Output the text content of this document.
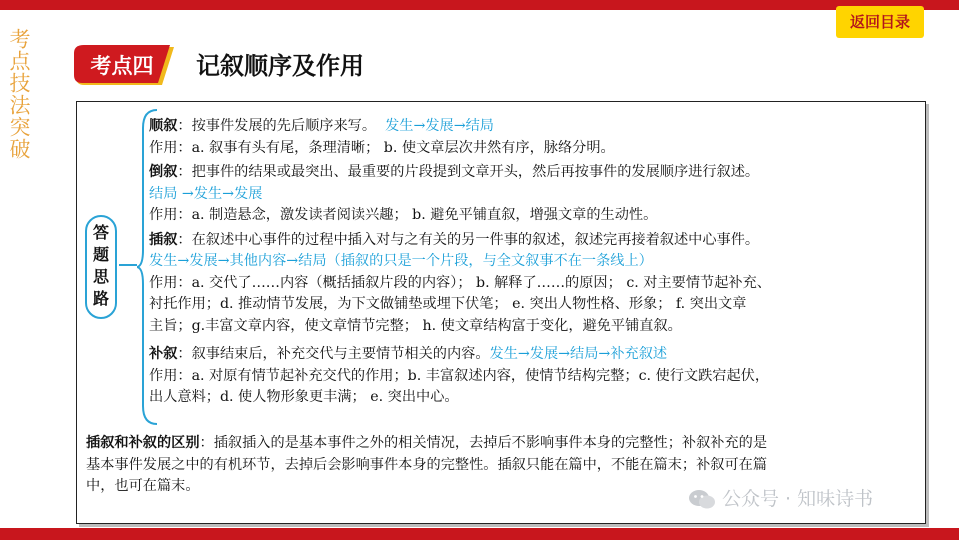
考点技法突破
返回目录
考点四	记叙顺序及作用
答
题
思
路
顺叙：按事件发展的先后顺序来写。 发生→发展→结局
作用：a. 叙事有头有尾，条理清晰； b. 使文章层次井然有序，脉络分明。
倒叙：把事件的结果或最突出、最重要的片段提到文章开头，然后再按事件的发展顺序进行叙述。
结局 →发生→发展
作用：a. 制造悬念，激发读者阅读兴趣； b. 避免平铺直叙，增强文章的生动性。
插叙：在叙述中心事件的过程中插入对与之有关的另一件事的叙述，叙述完再接着叙述中心事件。
发生→发展→其他内容→结局（插叙的只是一个片段，与全文叙事不在一条线上）
作用：a. 交代了……内容（概括插叙片段的内容）； b. 解释了……的原因； c. 对主要情节起补充、
衬托作用；d. 推动情节发展，为下文做铺垫或埋下伏笔； e. 突出人物性格、形象； f. 突出文章
主旨；g.丰富文章内容，使文章情节完整； h. 使文章结构富于变化，避免平铺直叙。
补叙：叙事结束后，补充交代与主要情节相关的内容。发生→发展→结局→补充叙述
作用：a. 对原有情节起补充交代的作用；b. 丰富叙述内容，使情节结构完整；c. 使行文跌宕起伏，
出人意料；d. 使人物形象更丰满； e. 突出中心。
插叙和补叙的区别：插叙插入的是基本事件之外的相关情况，去掉后不影响事件本身的完整性；补叙补充的是
基本事件发展之中的有机环节，去掉后会影响事件本身的完整性。插叙只能在篇中，不能在篇末；补叙可在篇
中，也可在篇末。
公众号 · 知味诗书
